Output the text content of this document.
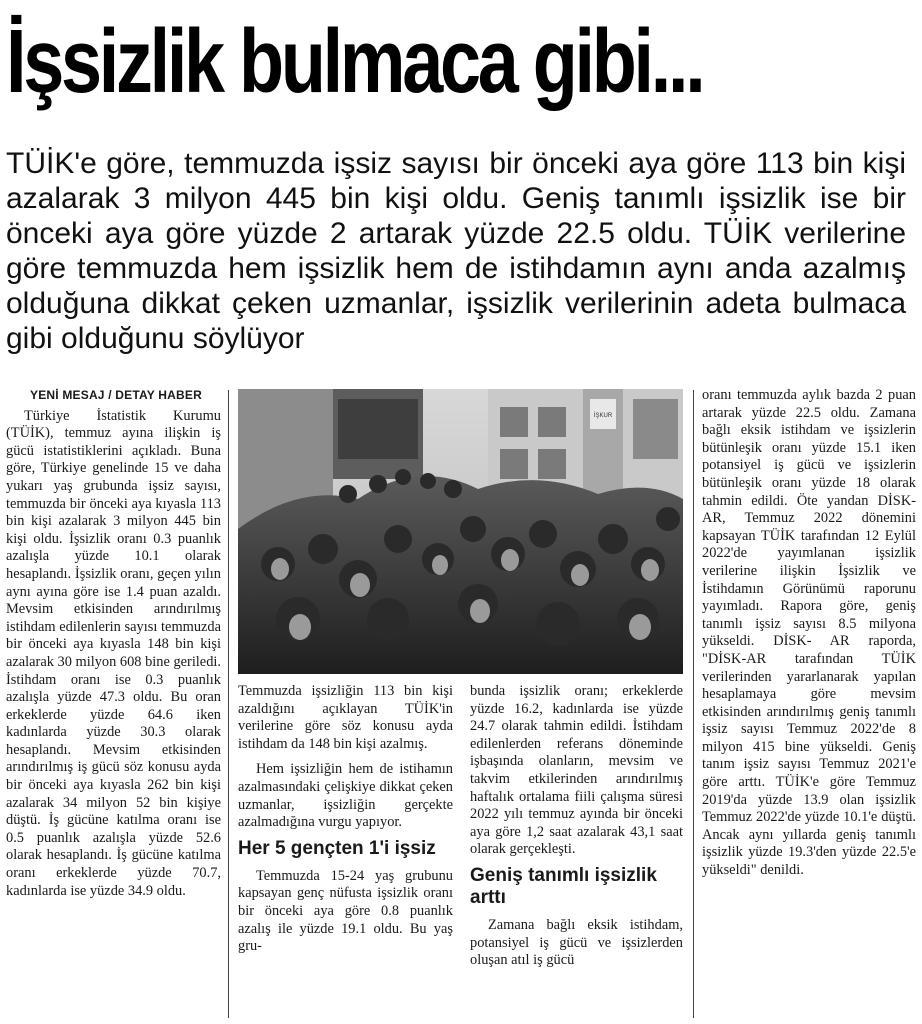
İşsizlik bulmaca gibi...
TÜİK'e göre, temmuzda işsiz sayısı bir önceki aya göre 113 bin kişi azalarak 3 milyon 445 bin kişi oldu. Geniş tanımlı işsizlik ise bir önceki aya göre yüzde 2 artarak yüzde 22.5 oldu. TÜİK verilerine göre temmuzda hem işsizlik hem de istihdamın aynı anda azalmış olduğuna dikkat çeken uzmanlar, işsizlik verilerinin adeta bulmaca gibi olduğunu söylüyor
YENİ MESAJ / DETAY HABER

Türkiye İstatistik Kurumu (TÜİK), temmuz ayına ilişkin iş gücü istatistiklerini açıkladı. Buna göre, Türkiye genelinde 15 ve daha yukarı yaş grubunda işsiz sayısı, temmuzda bir önceki aya kıyasla 113 bin kişi azalarak 3 milyon 445 bin kişi oldu. İşsizlik oranı 0.3 puanlık azalışla yüzde 10.1 olarak hesaplandı. İşsizlik oranı, geçen yılın aynı ayına göre ise 1.4 puan azaldı. Mevsim etkisinden arındırılmış istihdam edilenlerin sayısı temmuzda bir önceki aya kıyasla 148 bin kişi azalarak 30 milyon 608 bine geriledi. İstihdam oranı ise 0.3 puanlık azalışla yüzde 47.3 oldu. Bu oran erkeklerde yüzde 64.6 iken kadınlarda yüzde 30.3 olarak hesaplandı. Mevsim etkisinden arındırılmış iş gücü söz konusu ayda bir önceki aya kıyasla 262 bin kişi azalarak 34 milyon 52 bin kişiye düştü. İş gücüne katılma oranı ise 0.5 puanlık azalışla yüzde 52.6 olarak hesaplandı. İş gücüne katılma oranı erkeklerde yüzde 70.7, kadınlarda ise yüzde 34.9 oldu.

İŞKUR

Temmuzda işsizliğin 113 bin kişi azaldığını açıklayan TÜİK'in verilerine göre söz konusu ayda istihdam da 148 bin kişi azalmış.

Hem işsizliğin hem de istihamın azalmasındaki çelişkiye dikkat çeken uzmanlar, işsizliğin gerçekte azalmadığına vurgu yapıyor.

Her 5 gençten 1'i işsiz

Temmuzda 15-24 yaş grubunu kapsayan genç nüfusta işsizlik oranı bir önceki aya göre 0.8 puanlık azalış ile yüzde 19.1 oldu. Bu yaş gru-

bunda işsizlik oranı; erkeklerde yüzde 16.2, kadınlarda ise yüzde 24.7 olarak tahmin edildi. İstihdam edilenlerden referans döneminde işbaşında olanların, mevsim ve takvim etkilerinden arındırılmış haftalık ortalama fiili çalışma süresi 2022 yılı temmuz ayında bir önceki aya göre 1,2 saat azalarak 43,1 saat olarak gerçekleşti.

Geniş tanımlı işsizlik arttı

Zamana bağlı eksik istihdam, potansiyel iş gücü ve işsizlerden oluşan atıl iş gücü

oranı temmuzda aylık bazda 2 puan artarak yüzde 22.5 oldu. Zamana bağlı eksik istihdam ve işsizlerin bütünleşik oranı yüzde 15.1 iken potansiyel iş gücü ve işsizlerin bütünleşik oranı yüzde 18 olarak tahmin edildi. Öte yandan DİSK-AR, Temmuz 2022 dönemini kapsayan TÜİK tarafından 12 Eylül 2022'de yayımlanan işsizlik verilerine ilişkin İşsizlik ve İstihdamın Görünümü raporunu yayımladı. Rapora göre, geniş tanımlı işsiz sayısı 8.5 milyona yükseldi. DİSK- AR raporda, "DİSK-AR tarafından TÜİK verilerinden yararlanarak yapılan hesaplamaya göre mevsim etkisinden arındırılmış geniş tanımlı işsiz sayısı Temmuz 2022'de 8 milyon 415 bine yükseldi. Geniş tanım işsiz sayısı Temmuz 2021'e göre arttı. TÜİK'e göre Temmuz 2019'da yüzde 13.9 olan işsizlik Temmuz 2022'de yüzde 10.1'e düştü. Ancak aynı yıllarda geniş tanımlı işsizlik yüzde 19.3'den yüzde 22.5'e yükseldi" denildi.
